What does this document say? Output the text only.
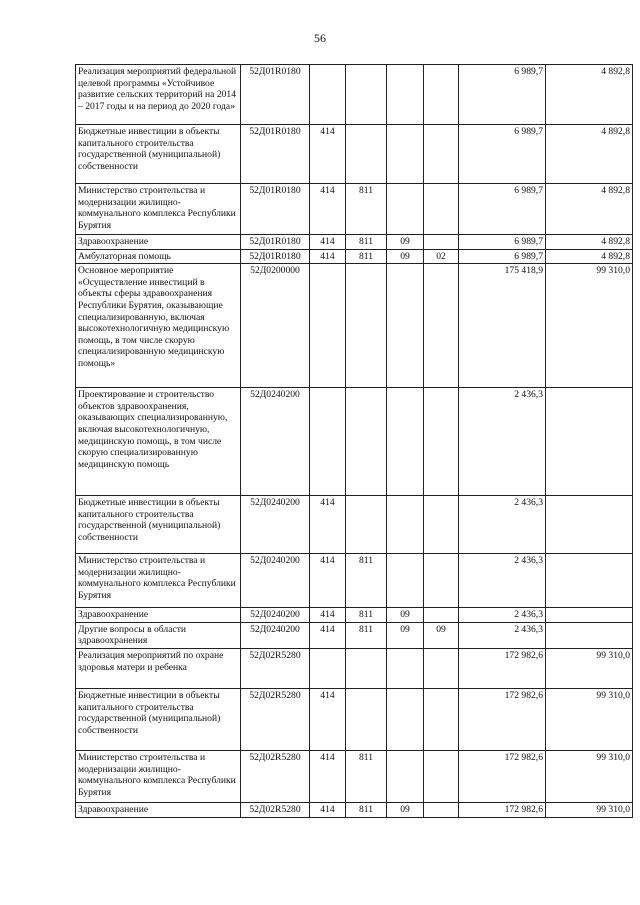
56
Реализация мероприятий федеральной целевой программы «Устойчивое развитие сельских территорий на 2014 – 2017 годы и на период до 2020 года»	52Д01R0180					6 989,7	4 892,8
Бюджетные инвестиции в объекты капитального строительства государственной (муниципальной) собственности	52Д01R0180	414				6 989,7	4 892,8
Министерство строительства и модернизации жилищно-коммунального комплекса Республики Бурятия	52Д01R0180	414	811			6 989,7	4 892,8
Здравоохранение	52Д01R0180	414	811	09		6 989,7	4 892,8
Амбулаторная помощь	52Д01R0180	414	811	09	02	6 989,7	4 892,8
Основное мероприятие «Осуществление инвестиций в объекты сферы здравоохранения Республики Бурятия, оказывающие специализированную, включая высокотехнологичную медицинскую помощь, в том числе скорую специализированную медицинскую помощь»	52Д0200000					175 418,9	99 310,0
Проектирование и строительство объектов здравоохранения, оказывающих специализированную, включая высокотехнологичную, медицинскую помощь, в том числе скорую специализированную медицинскую помощь	52Д0240200					2 436,3	
Бюджетные инвестиции в объекты капитального строительства государственной (муниципальной) собственности	52Д0240200	414				2 436,3	
Министерство строительства и модернизации жилищно-коммунального комплекса Республики Бурятия	52Д0240200	414	811			2 436,3	
Здравоохранение	52Д0240200	414	811	09		2 436,3	
Другие вопросы в области здравоохранения	52Д0240200	414	811	09	09	2 436,3	
Реализация мероприятий по охране здоровья матери и ребенка	52Д02R5280					172 982,6	99 310,0
Бюджетные инвестиции в объекты капитального строительства государственной (муниципальной) собственности	52Д02R5280	414				172 982,6	99 310,0
Министерство строительства и модернизации жилищно-коммунального комплекса Республики Бурятия	52Д02R5280	414	811			172 982,6	99 310,0
Здравоохранение	52Д02R5280	414	811	09		172 982,6	99 310,0
